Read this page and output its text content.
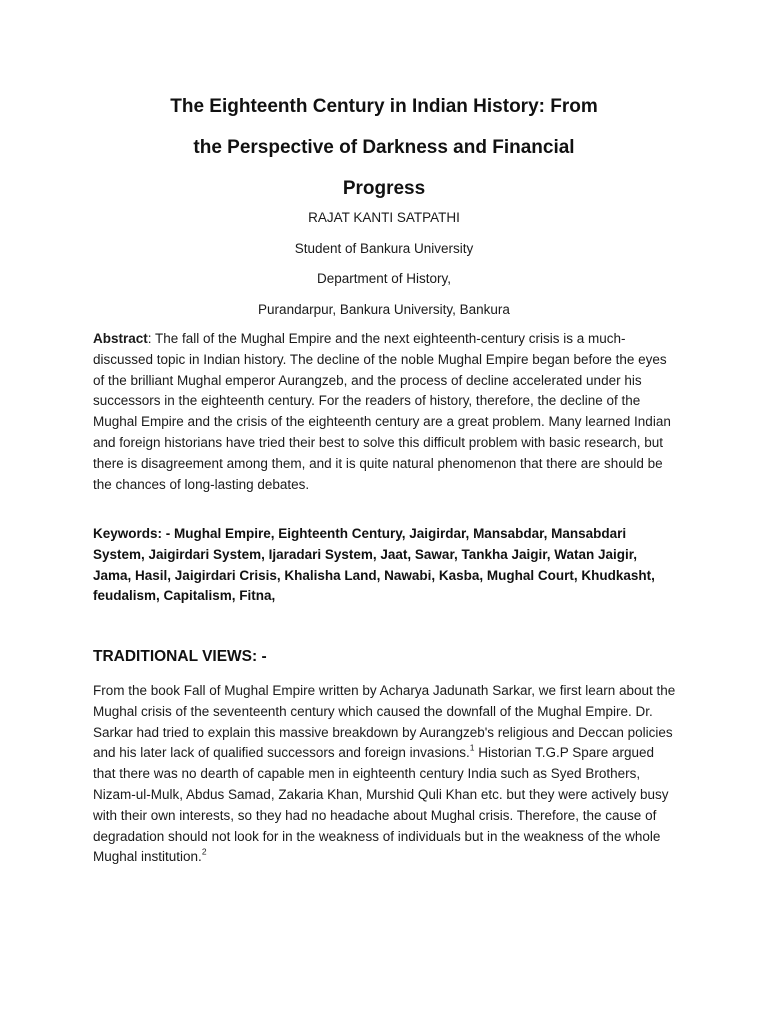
The Eighteenth Century in Indian History: From
the Perspective of Darkness and Financial
Progress
RAJAT KANTI SATPATHI
Student of Bankura University
Department of History,
Purandarpur, Bankura University, Bankura

Abstract: The fall of the Mughal Empire and the next eighteenth-century crisis is a much-discussed topic in Indian history. The decline of the noble Mughal Empire began before the eyes of the brilliant Mughal emperor Aurangzeb, and the process of decline accelerated under his successors in the eighteenth century. For the readers of history, therefore, the decline of the Mughal Empire and the crisis of the eighteenth century are a great problem. Many learned Indian and foreign historians have tried their best to solve this difficult problem with basic research, but there is disagreement among them, and it is quite natural phenomenon that there are should be the chances of long-lasting debates.

Keywords: - Mughal Empire, Eighteenth Century, Jaigirdar, Mansabdar, Mansabdari System, Jaigirdari System, Ijaradari System, Jaat, Sawar, Tankha Jaigir, Watan Jaigir, Jama, Hasil, Jaigirdari Crisis, Khalisha Land, Nawabi, Kasba, Mughal Court, Khudkasht, feudalism, Capitalism, Fitna,

TRADITIONAL VIEWS: -

From the book Fall of Mughal Empire written by Acharya Jadunath Sarkar, we first learn about the Mughal crisis of the seventeenth century which caused the downfall of the Mughal Empire. Dr. Sarkar had tried to explain this massive breakdown by Aurangzeb's religious and Deccan policies and his later lack of qualified successors and foreign invasions.$^1$ Historian T.G.P Spare argued that there was no dearth of capable men in eighteenth century India such as Syed Brothers, Nizam-ul-Mulk, Abdus Samad, Zakaria Khan, Murshid Quli Khan etc. but they were actively busy with their own interests, so they had no headache about Mughal crisis. Therefore, the cause of degradation should not look for in the weakness of individuals but in the weakness of the whole Mughal institution.$^2$
